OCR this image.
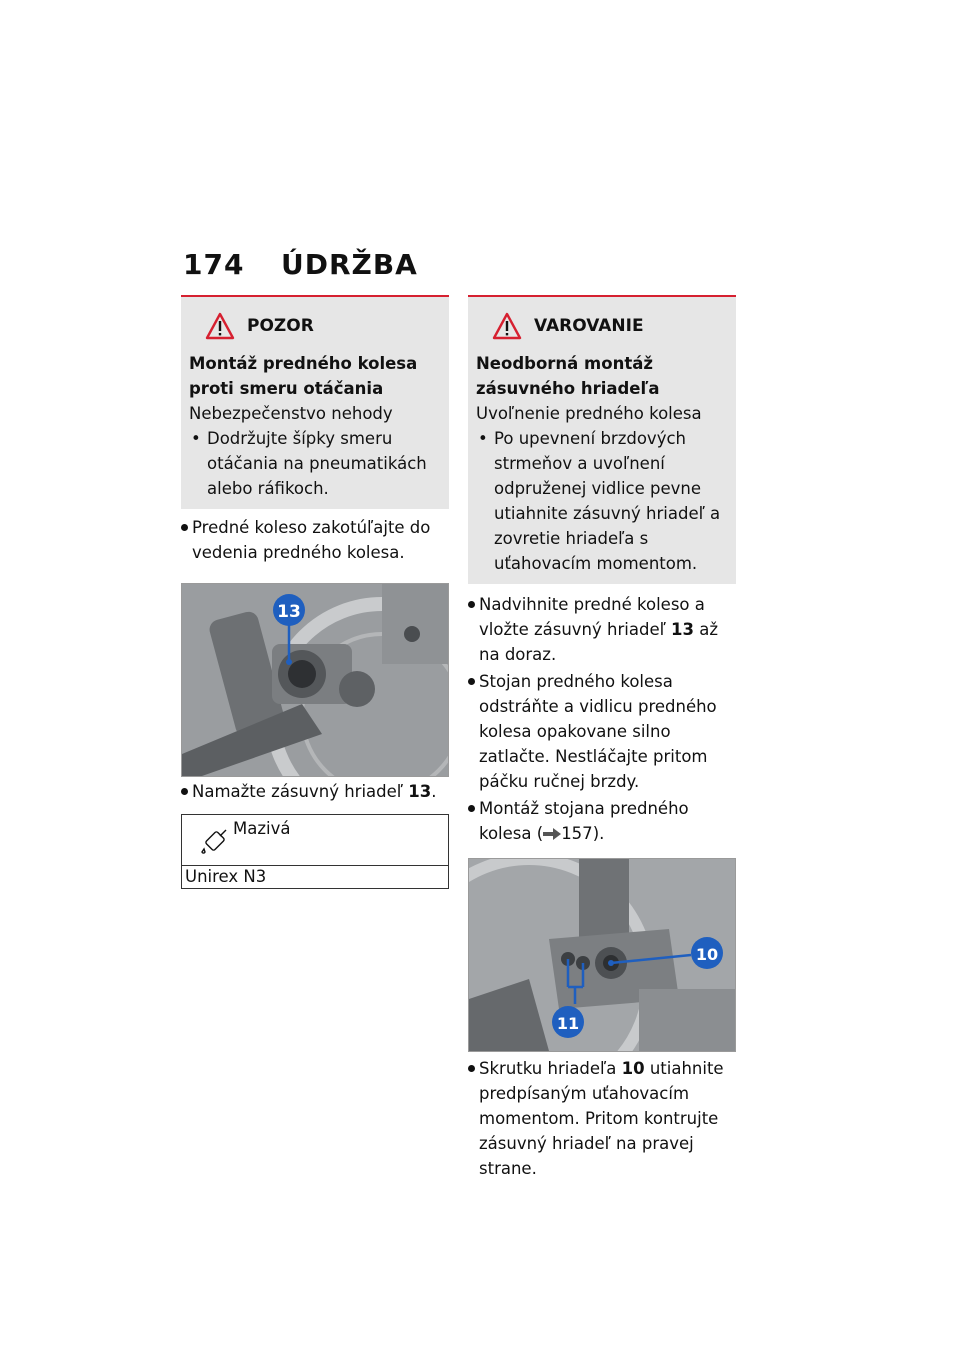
174 ÚDRŽBA
POZOR
Montáž predného kolesa proti smeru otáčania
Nebezpečenstvo nehody
• Dodržujte šípky smeru otáčania na pneumatikách alebo ráfikoch.
Predné koleso zakotúľajte do vedenia predného kolesa.
13
Namažte zásuvný hriadeľ 13.
Mazivá
Unirex N3
VAROVANIE
Neodborná montáž zásuvného hriadeľa
Uvoľnenie predného kolesa
• Po upevnení brzdových strmeňov a uvoľnení odpruženej vidlice pevne utiahnite zásuvný hriadeľ a zovretie hriadeľa s uťahovacím momentom.
Nadvihnite predné koleso a vložte zásuvný hriadeľ 13 až na doraz.
Stojan predného kolesa odstráňte a vidlicu predného kolesa opakovane silno zatlačte. Nestláčajte pritom páčku ručnej brzdy.
Montáž stojana predného kolesa ( 157).
10
11
Skrutku hriadeľa 10 utiahnite predpísaným uťahovacím momentom. Pritom kontrujte zásuvný hriadeľ na pravej strane.
